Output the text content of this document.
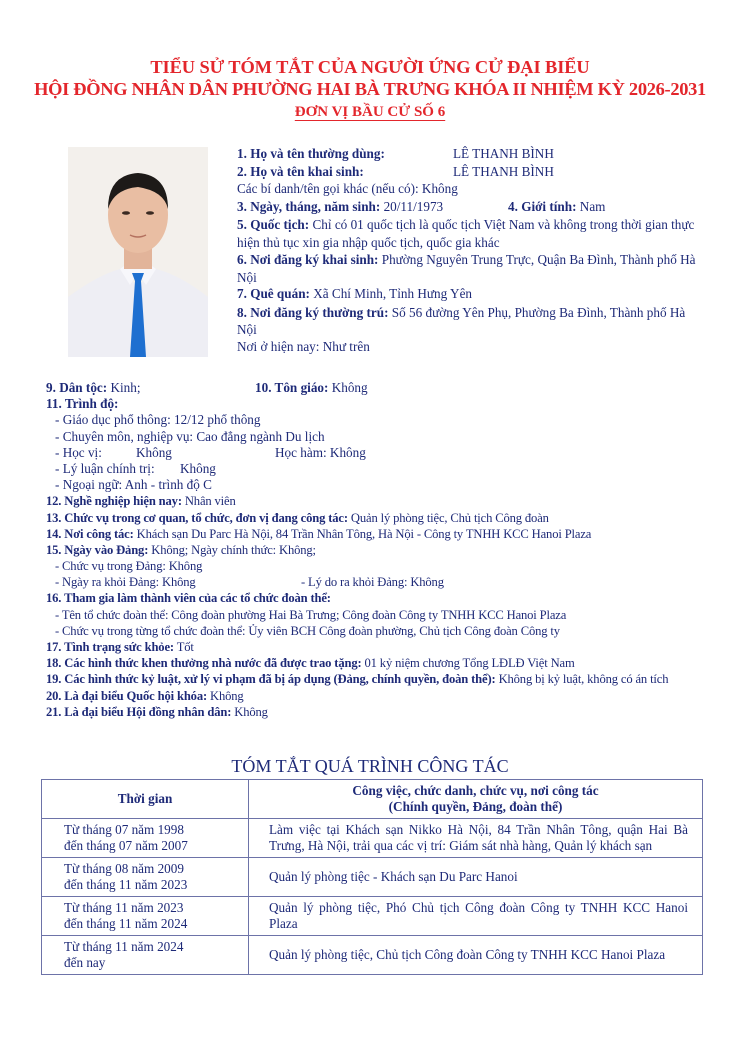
TIỂU SỬ TÓM TẮT CỦA NGƯỜI ỨNG CỬ ĐẠI BIỂU
HỘI ĐỒNG NHÂN DÂN PHƯỜNG HAI BÀ TRƯNG KHÓA II NHIỆM KỲ 2026-2031
ĐƠN VỊ BẦU CỬ SỐ 6
1. Họ và tên thường dùng:	LÊ THANH BÌNH
2. Họ và tên khai sinh:	LÊ THANH BÌNH
Các bí danh/tên gọi khác (nếu có): Không
3. Ngày, tháng, năm sinh: 20/11/1973	4. Giới tính: Nam
5. Quốc tịch: Chỉ có 01 quốc tịch là quốc tịch Việt Nam và không trong thời gian thực hiện thủ tục xin gia nhập quốc tịch, quốc gia khác
6. Nơi đăng ký khai sinh: Phường Nguyên Trung Trực, Quận Ba Đình, Thành phố Hà Nội
7. Quê quán: Xã Chí Minh, Tỉnh Hưng Yên
8. Nơi đăng ký thường trú: Số 56 đường Yên Phụ, Phường Ba Đình, Thành phố Hà Nội
Nơi ở hiện nay: Như trên
9. Dân tộc: Kinh;	10. Tôn giáo: Không
11. Trình độ:
- Giáo dục phổ thông: 12/12 phổ thông
- Chuyên môn, nghiệp vụ: Cao đẳng ngành Du lịch
- Học vị:	Không	Học hàm: Không
- Lý luận chính trị: Không
- Ngoại ngữ: Anh - trình độ C
12. Nghề nghiệp hiện nay: Nhân viên
13. Chức vụ trong cơ quan, tổ chức, đơn vị đang công tác: Quản lý phòng tiệc, Chủ tịch Công đoàn
14. Nơi công tác: Khách sạn Du Parc Hà Nội, 84 Trần Nhân Tông, Hà Nội - Công ty TNHH KCC Hanoi Plaza
15. Ngày vào Đảng: Không; Ngày chính thức: Không;
- Chức vụ trong Đảng: Không
- Ngày ra khỏi Đảng: Không	- Lý do ra khỏi Đảng: Không
16. Tham gia làm thành viên của các tổ chức đoàn thể:
- Tên tổ chức đoàn thể: Công đoàn phường Hai Bà Trưng; Công đoàn Công ty TNHH KCC Hanoi Plaza
- Chức vụ trong từng tổ chức đoàn thể: Ủy viên BCH Công đoàn phường, Chủ tịch Công đoàn Công ty
17. Tình trạng sức khỏe: Tốt
18. Các hình thức khen thưởng nhà nước đã được trao tặng: 01 kỷ niệm chương Tổng LĐLĐ Việt Nam
19. Các hình thức kỷ luật, xử lý vi phạm đã bị áp dụng (Đảng, chính quyền, đoàn thể): Không bị kỷ luật, không có án tích
20. Là đại biểu Quốc hội khóa: Không
21. Là đại biểu Hội đồng nhân dân: Không
TÓM TẮT QUÁ TRÌNH CÔNG TÁC
Thời gian	Công việc, chức danh, chức vụ, nơi công tác
(Chính quyền, Đảng, đoàn thể)

Từ tháng 07 năm 1998
đến tháng 07 năm 2007	Làm việc tại Khách sạn Nikko Hà Nội, 84 Trần Nhân Tông, quận Hai Bà Trưng, Hà Nội, trải qua các vị trí: Giám sát nhà hàng, Quản lý khách sạn

Từ tháng 08 năm 2009
đến tháng 11 năm 2023	Quản lý phòng tiệc - Khách sạn Du Parc Hanoi

Từ tháng 11 năm 2023
đến tháng 11 năm 2024	Quản lý phòng tiệc, Phó Chủ tịch Công đoàn Công ty TNHH KCC Hanoi Plaza

Từ tháng 11 năm 2024
đến nay	Quản lý phòng tiệc, Chủ tịch Công đoàn Công ty TNHH KCC Hanoi Plaza
